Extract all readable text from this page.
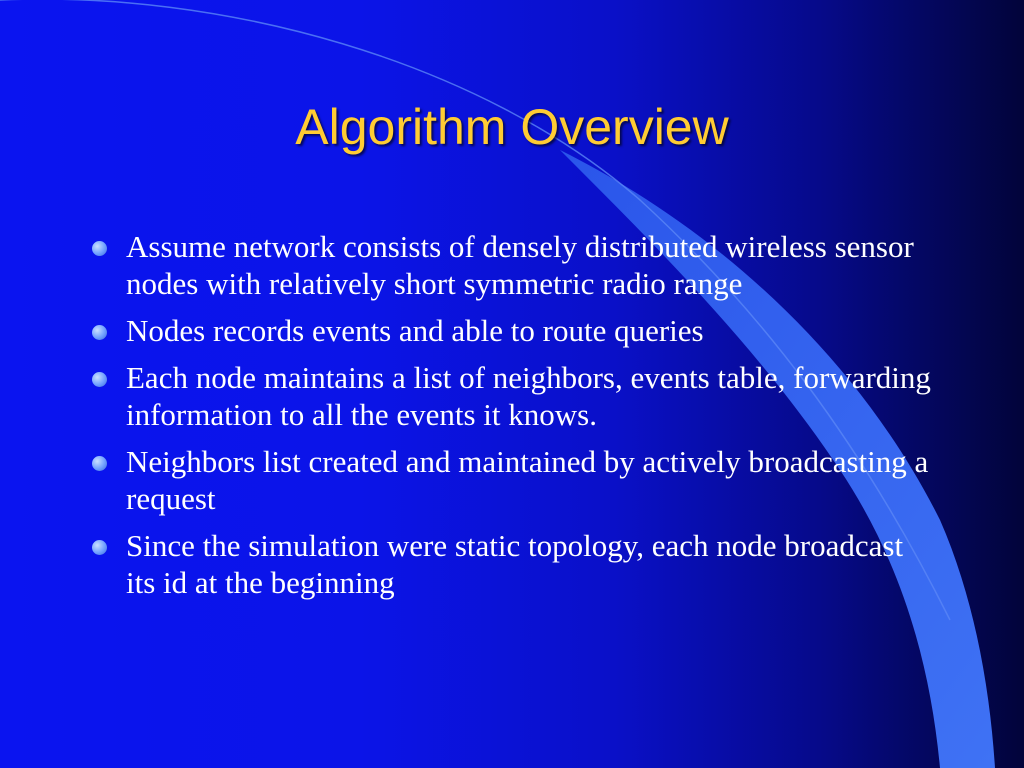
Algorithm Overview
Assume network consists of densely distributed wireless sensor nodes with relatively short symmetric radio range
Nodes records events and able to route queries
Each node maintains a list of neighbors, events table, forwarding information to all the events it knows.
Neighbors list created and maintained by actively broadcasting a request
Since the simulation were static topology, each node broadcast its id at the beginning
